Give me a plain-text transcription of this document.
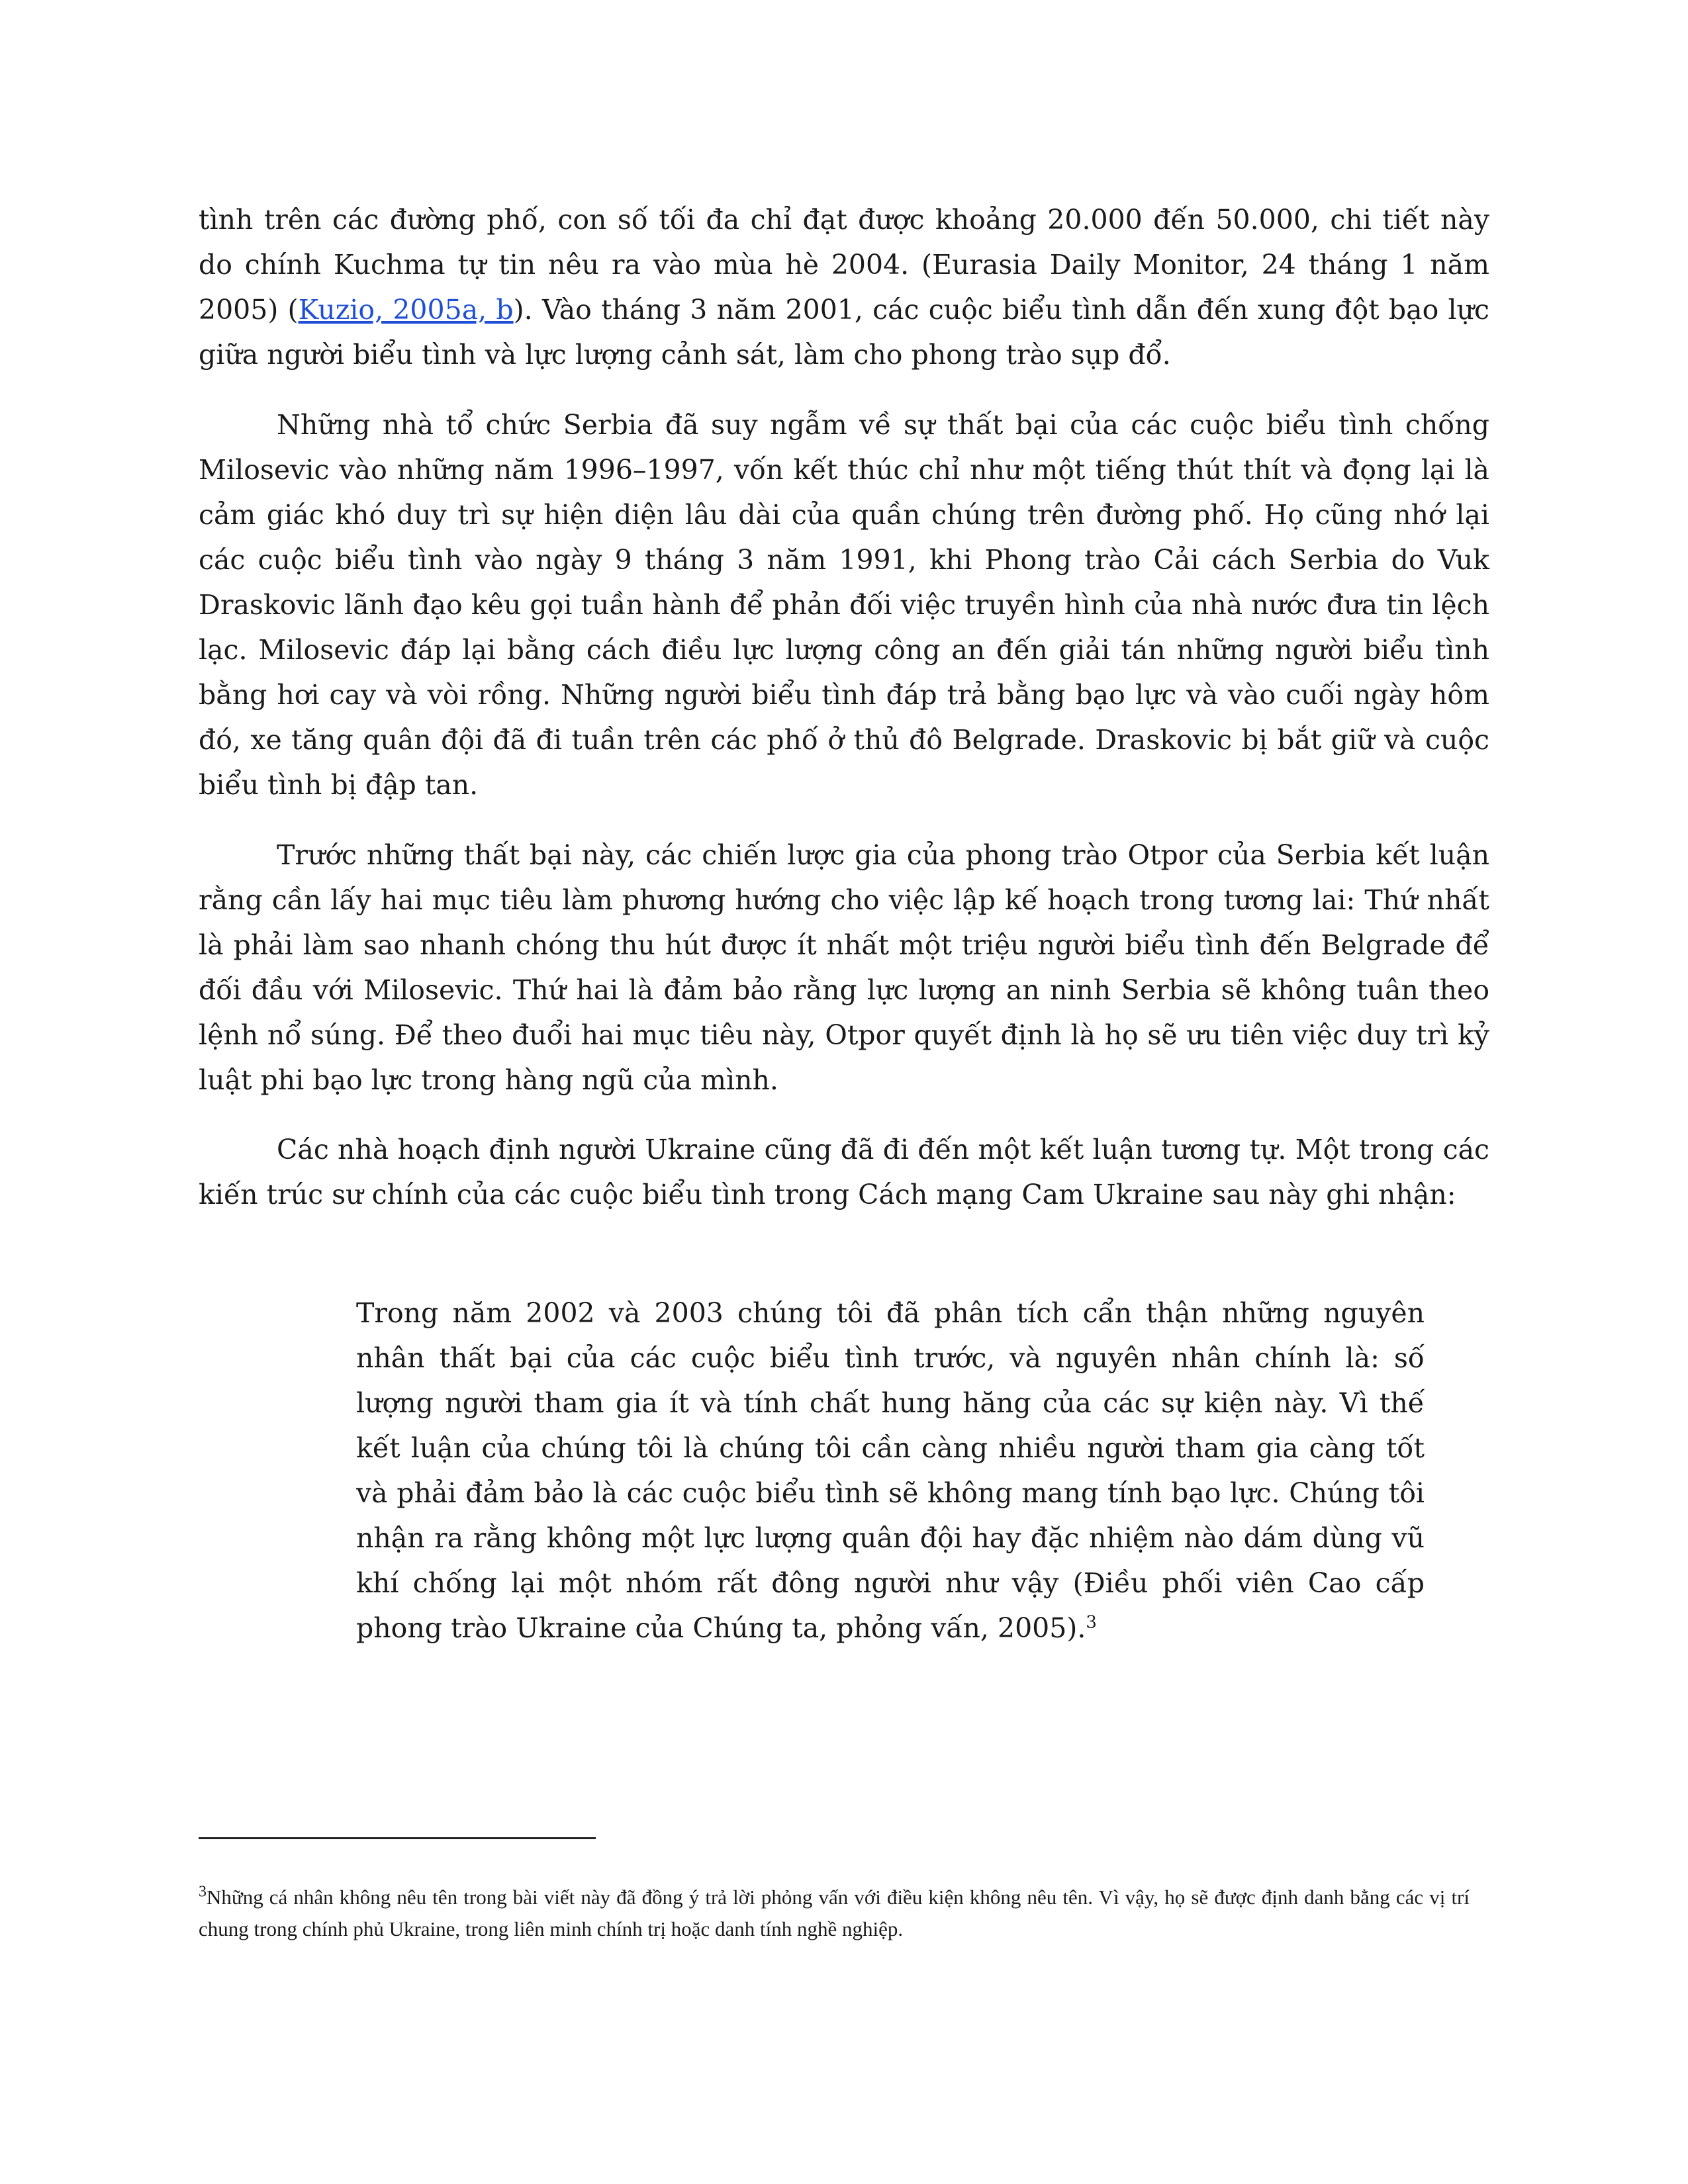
tình trên các đường phố, con số tối đa chỉ đạt được khoảng 20.000 đến 50.000, chi tiết này do chính Kuchma tự tin nêu ra vào mùa hè 2004. (Eurasia Daily Monitor, 24 tháng 1 năm 2005) (Kuzio, 2005a, b). Vào tháng 3 năm 2001, các cuộc biểu tình dẫn đến xung đột bạo lực giữa người biểu tình và lực lượng cảnh sát, làm cho phong trào sụp đổ.

Những nhà tổ chức Serbia đã suy ngẫm về sự thất bại của các cuộc biểu tình chống Milosevic vào những năm 1996–1997, vốn kết thúc chỉ như một tiếng thút thít và đọng lại là cảm giác khó duy trì sự hiện diện lâu dài của quần chúng trên đường phố. Họ cũng nhớ lại các cuộc biểu tình vào ngày 9 tháng 3 năm 1991, khi Phong trào Cải cách Serbia do Vuk Draskovic lãnh đạo kêu gọi tuần hành để phản đối việc truyền hình của nhà nước đưa tin lệch lạc. Milosevic đáp lại bằng cách điều lực lượng công an đến giải tán những người biểu tình bằng hơi cay và vòi rồng. Những người biểu tình đáp trả bằng bạo lực và vào cuối ngày hôm đó, xe tăng quân đội đã đi tuần trên các phố ở thủ đô Belgrade. Draskovic bị bắt giữ và cuộc biểu tình bị đập tan.

Trước những thất bại này, các chiến lược gia của phong trào Otpor của Serbia kết luận rằng cần lấy hai mục tiêu làm phương hướng cho việc lập kế hoạch trong tương lai: Thứ nhất là phải làm sao nhanh chóng thu hút được ít nhất một triệu người biểu tình đến Belgrade để đối đầu với Milosevic. Thứ hai là đảm bảo rằng lực lượng an ninh Serbia sẽ không tuân theo lệnh nổ súng. Để theo đuổi hai mục tiêu này, Otpor quyết định là họ sẽ ưu tiên việc duy trì kỷ luật phi bạo lực trong hàng ngũ của mình.

Các nhà hoạch định người Ukraine cũng đã đi đến một kết luận tương tự. Một trong các kiến trúc sư chính của các cuộc biểu tình trong Cách mạng Cam Ukraine sau này ghi nhận:

Trong năm 2002 và 2003 chúng tôi đã phân tích cẩn thận những nguyên nhân thất bại của các cuộc biểu tình trước, và nguyên nhân chính là: số lượng người tham gia ít và tính chất hung hăng của các sự kiện này. Vì thế kết luận của chúng tôi là chúng tôi cần càng nhiều người tham gia càng tốt và phải đảm bảo là các cuộc biểu tình sẽ không mang tính bạo lực. Chúng tôi nhận ra rằng không một lực lượng quân đội hay đặc nhiệm nào dám dùng vũ khí chống lại một nhóm rất đông người như vậy (Điều phối viên Cao cấp phong trào Ukraine của Chúng ta, phỏng vấn, 2005).$^3$

$^3$Những cá nhân không nêu tên trong bài viết này đã đồng ý trả lời phỏng vấn với điều kiện không nêu tên. Vì vậy, họ sẽ được định danh bằng các vị trí chung trong chính phủ Ukraine, trong liên minh chính trị hoặc danh tính nghề nghiệp.
